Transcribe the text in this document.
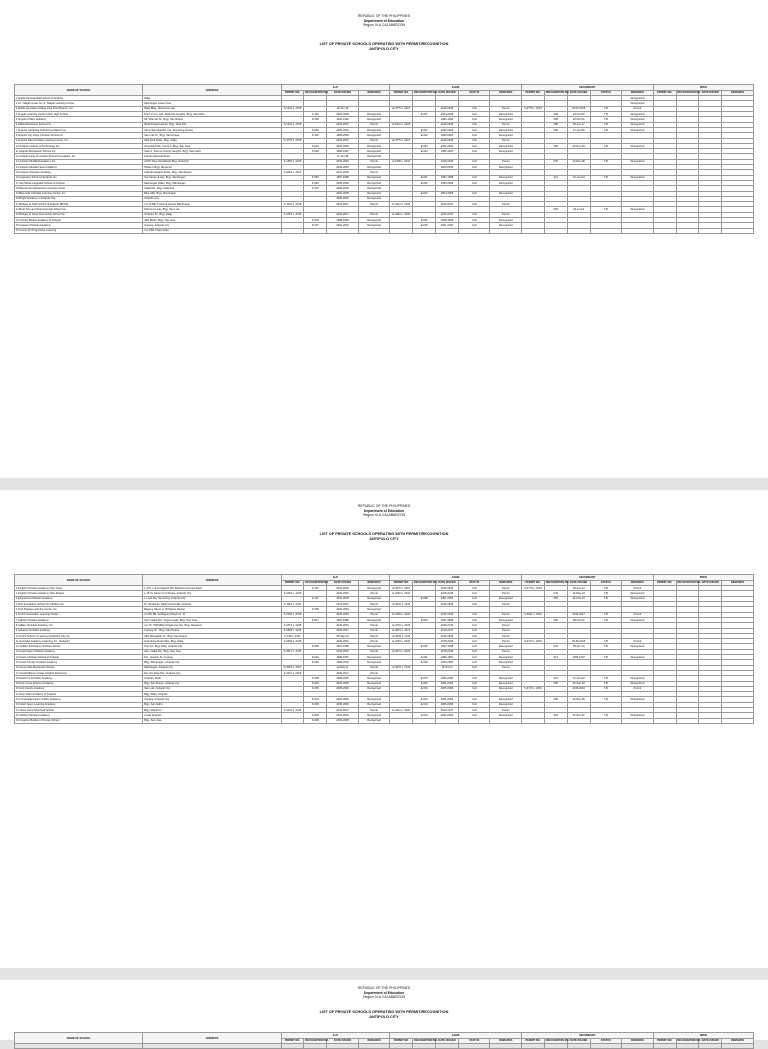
REPUBLIC OF THE PHILIPPINES
Department of Education
Region IV-A CALABARZON
LIST OF PRIVATE SCHOOLS OPERATING WITH PERMIT/RECOGNITION
ANTIPOLO CITY
NAME OF SCHOOL	ADDRESS	K+P				ELEM					SECONDARY					SPED			
		PERMIT NO.	RECOGNITION NO.	DATE ISSUED	REMARKS	PERMIT NO.	RECOGNITION NO.	DATE ISSUED	STATUS	REMARKS	PERMIT NO.	RECOGNITION NO.	DATE ISSUED	STATUS	REMARKS	PERMIT NO.	RECOGNITION NO.	DATE ISSUED	REMARKS
1 Academia Integrated School of Antipolo	Dalig														Recognized				
2 A.L. Sagal Center Inc.-F. Siagan Learning Center	Mambugan Lower Area														Recognized				
3 Adelle Gonzales College Foot Point Branch, Inc.	Dalig Bldg., Marcos Hi-way	K-1941 s. 2015		18-Jun-15		E-4775 s. 2017		2015-2016	Cull	Permit	S-4775 s. 2019		29-07-2016	T-B	Permit				
4 Angelic Learning Center (ALC) High School	M.F.L.P Cor. A.D. Robinson Heights, Brgy. San Isidro		K-134	2004-2005	Recognized		E-007	2004-2005	Cull	Recognized		028	23-Oct-09	T-B	Recognized				
5 Angels of Mary Academy	Mt. Sharmel St., Brgy. San Roque		K-009	1991-1992	Recognized			1991-1992	Cull	Recognized		085	30-Oct-06	T-B	Recognized				
6 ASEA Montessori School Inc.	Rizal Private Hamlet, Brgy. Dela Paz	K-1941 s. 2015		2015-2016	Permit	E-1941 s. 2015		2015-2016	Cull	Permit		088	28-Jun-17	T-B	Recognized				
7 Antipolo Cathedral School Foundation Inc.	Circumferential Rd. Cor. Sumulong Hi-way		K-051	2002-2003	Recognized		E-007	2002-2003	Cull	Recognized		009	17-Apr-08	T-B	Recognized				
8 Antipolo City Hope Christian School Inc.	San Luis St., Brgy. San Roque		K-100	1999-2000	Recognized		E-002	1999-2000	Cull	Recognized									
9 Antipolo Fillo-Christian Learning Center, Inc.	Hills Park Subd., Brgy. Dalig	K-4775 s. 2015		2015-2016	Permit	E-4775 s. 2017		2015-2016	Cull	Permit									
10 Antipolo Institute of Technology Inc.	Greenland Rd., Purok 4, Brgy. San Jose		K-004	2001-2002	Recognized		E-063	2001-2002	Cull	Recognized		083	03-Nov-03	T-B	Recognized				
11 Antipolo Montessori School, Inc.	Gate 2, Town & Country Heights, Brgy. San Isidro		K-018	1996-1997	Recognized		E-044	1996-1997	Cull	Recognized									
12 Antipolo Lady of Lourdes School Foundation, Inc.	Llamas National Road			17-Jun-08	Recognized														
13 Antipolo Mindfield Academy Inc.	ACPC Dine Woodlands Brgy. Dela Paz	K-1505 s. 2015		2015-2016	Permit	E-1505 s. 2015		2015-2016	Cull	Permit		040	12-Dec-08	T-B	Recognized				
14 Antipolo Mustard Seed Academy	Phase 2 Brgy. Mayamot			2009-2010	Recognized			2009-2010	Cull	Recognized									
15 Antipolo Sheraton Academy	Antipolo Heights Subd., Brgy. Mambugan	K-4015 s. 2017		2017-2018	Permit														
16 Augustine School of Antipolo Inc.	Sumulong Hi-way, Brgy. Mambugan		K-053	1997-1998	Recognized		E-021	1997-1998	Cull	Recognized		011	23-Jun-04	T-B	Recognized				
17 Ave Maria Integrated School of Antipolo	Mambugan Valley, Brgy. Mambugan		K-060	2005-2006	Recognized		E-052	2005-2006	Cull	Recognized									
18 Bemvenuto Montessori Learning Center	Olalia Rd., Brgy. Dela Paz		K-007	2005-2006	Recognized														
19 Blue Hills Christian Learning Center, Inc.	Blue Hills, Brgy. Mambugan			2004-2005	Recognized		E-023	2004-2005	Cull	Recognized									
20 Bright Academy of Antipolo City	Antipolo City			2009-2010	Recognized														
21 Bridges of Faith School of Antipolo (BFSA)	Lot 12 Blk 3 Victoria Homes Mambugan	K-4441 s. 2016		2016-2017	Permit	E-4441 s. 2016		2016-2017	Cull	Permit									
22 Boaz Arts and Sciences High School Inc.	Marcos Hi-way, Brgy. San Luis											025	04-Jul-13	T-B	Recognized				
23 Bridges of Hope Community School Inc.	Ordonez St., Brgy. Dalig	K-4451 s. 2016		2016-2017	Permit	E-4451 s. 2016		2016-2017	Cull	Permit									
24 Calvary Baptist Academy of Antipolo	Sitio Bulao, Brgy. San Jose		K-019	1998-1999	Recognized		E-032	1998-1999	Cull	Recognized									
25 Canaan Christian Academy	Cupang, Antipolo City		K-027	2001-2002	Recognized		E-045	2001-2002	Cull	Recognized									
26 Center for Progressive Learning	Lot 4 Blk 3 San Isidro																		
REPUBLIC OF THE PHILIPPINES
Department of Education
Region IV-A CALABARZON
LIST OF PRIVATE SCHOOLS OPERATING WITH PERMIT/RECOGNITION
ANTIPOLO CITY
NAME OF SCHOOL	ADDRESS	K+P				ELEM					SECONDARY					SPED			
		PERMIT NO.	RECOGNITION NO.	DATE ISSUED	REMARKS	PERMIT NO.	RECOGNITION NO.	DATE ISSUED	STATUS	REMARKS	PERMIT NO.	RECOGNITION NO.	DATE ISSUED	STATUS	REMARKS	PERMIT NO.	RECOGNITION NO.	DATE ISSUED	REMARKS
1 English Christian Academy (San Jose)	L-173, L-3 Cul Agosto Rd. Robinson Homes Subd.		K-107	2001-2002	Recognized	E-3275 s. 2007		2015-2016	Cull	Permit	S-4775 s. 2019		25-Jun-14	T-B	Permit				
2 English Christian Academy (San Roque)	L-15 St. Santo Cruz Roque, Antipolo City	K-3181 s. 2015		2015-2016	Permit	E-3181 s. 2015		2015-2016	Cull	Permit		043	13-May-13	T-B	Recognized				
3 Esperanza Christian Academy	L Lupa Sta. Sumulong, Antipolo City		K-107	2001-2002	Recognized		E-008	2001-2002	Cull	Recognized		050	22-Feb-10	T-B	Recognized				
4 First Foundation School for Children Inc.	Dr. Morata St. Dalig Grand Hills, Antipolo	K-3201 s. 2011		2011-2012	Permit	E-3201 s. 2011		2015-2016	Cull	Permit									
5 First Paquita Learning Center, Inc.	Bagong Nayon 2, Philippine Rental		K-099	2003-2004	Recognized														
6 Fourth Generation Learning Center	Lot 88, Blk. 10 Bagong Nayon II - B	K-3156 s. 2015		2015-2016	Permit	E-3156 s. 2015		2015-2016	Cull	Permit	S-4941 s. 2016		2016-2017	T-B	Permit				
7 Gabriel Christian Academy	Gen. Nakar Rd., Angono Hgts, Brgy. San Jose		K-017	1997-1998	Recognized		E-009	1997-1998	Cull	Recognized		006	08-Oct-04	T-B	Recognized				
8 Galileo Christian Academy Inc.	Lot 75, 7969 Bldg Ortigas Ave Ext, Brgy. Mayamot	K-3715 s. 2015		2015-2016	Permit	E-3715 s. 2015		2015-2016	Cull	Permit									
9 Gardens Christian Academy	Cupang St. - Brgy. San Roque	K-4843 s. 2016		2016-2017	Permit	E-4821 s. 2017		2016-2017	Cull	Permit									
10 God's School of Learning (Antipolo) City Inc.	Sitio Mangahan St., Brgy. San Roque	K-195 s. 2011		06-Sep-12	Permit	E-3025 s. 2011		2015-2016	Cull	Permit									
11 Gonzalez Academy Learning, Inc. (Antipolo)	Grandview Road Sitio, Brgy. Dalig	K-3328 s. 2015		2015-2016	Permit	E-3715 s. 2015		2015-2016	Cull	Permit	S-3715 s. 2015		29-05-2016	T-B	Permit				
12 Golden Sunbeams Christian School	Purt Yet, Brgy Dalig, Antipolo City		K-006	1997-1998	Recognized		E-016	1997-1998	Cull	Recognized		041	08-Apr-10	T-B	Recognized				
13 Good Hope Christian Academy	Gen. Nakar Rd., Brgy. San Jose	K-3971 s. 2015		2015-2016	Permit	E-3971 s. 2015		2015-2016	Cull	Permit									
14 Grace Christian School of Antipolo	M.L. Quezon St. Cupang		K-001	1996-1997	Recognized		E-001	1996-1997	Cull	Recognized		013	1996-1997	T-B	Recognized				
15 Grace Family Christian Academy	Brgy. Mambugan, Antipolo City		K-004	1999-2000	Recognized		E-018	2000-2001	Cull	Recognized									
16 Green Hills Montessori School	Mambugan, Antipolo City	K-3015 s. 2017		12-May-11	Permit	E-3272 s. 2011		15-Oct-11	Cull	Permit									
17 Growth Bloom Center Heights School Inc.	Ext. Rd. Dela Paz, Antipolo City	K-4411 s. 2016		2016-2017	Permit														
18 Heaven's Christian Academy	Antipolo, Rizal		K-098	1999-2000	Recognized		E-076	1999-2000	Cull	Recognized		031	21-Jun-09	T-B	Recognized				
19 Holy Cross School of Antipolo	Brgy. San Roque, Antipolo City		K-002	2001-2002	Recognized		E-002	2001-2002	Cull	Recognized		035	30-Sep-03	T-B	Recognized				
20 Holy Family Academy	San Luis, Antipolo City		K-035	2005-2006	Recognized		E-004	2005-2006	Cull	Recognized	S-3715 s. 2015		2015-2016	T-B	Permit				
21 Holy Infant Academy of Antipolo	Brgy. Dalig, Antipolo																		
22 Immaculate Heart of Mary Academy	Cupang, Antipolo City		K-013	2001-2002	Recognized		E-013	2001-2002	Cull	Recognized		028	14-Nov-05	T-B	Recognized				
23 Infant Jesus Learning Academy	Brgy. San Isidro		K-006	2005-2006	Recognized		E-014	2005-2006	Cull	Recognized									
24 Jesus Good Shepherd School	Brgy. Mayamot	K-4441 s. 2016		2016-2017	Permit	E-4441 s. 2016		2016-2017	Cull	Permit									
25 Jubilee Christian Academy	Lower Antipolo		K-030	2001-2002	Recognized		E-014	2001-2002	Cull	Recognized		019	22-Nov-07	T-B	Recognized				
26 Kingdom Builders Christian School	Brgy. San Jose		K-048	2004-2005	Recognized														
REPUBLIC OF THE PHILIPPINES
Department of Education
Region IV-A CALABARZON
LIST OF PRIVATE SCHOOLS OPERATING WITH PERMIT/RECOGNITION
ANTIPOLO CITY
NAME OF SCHOOL	ADDRESS	K+P				ELEM					SECONDARY					SPED			
		PERMIT NO.	RECOGNITION NO.	DATE ISSUED	REMARKS	PERMIT NO.	RECOGNITION NO.	DATE ISSUED	STATUS	REMARKS	PERMIT NO.	RECOGNITION NO.	DATE ISSUED	STATUS	REMARKS	PERMIT NO.	RECOGNITION NO.	DATE ISSUED	REMARKS
